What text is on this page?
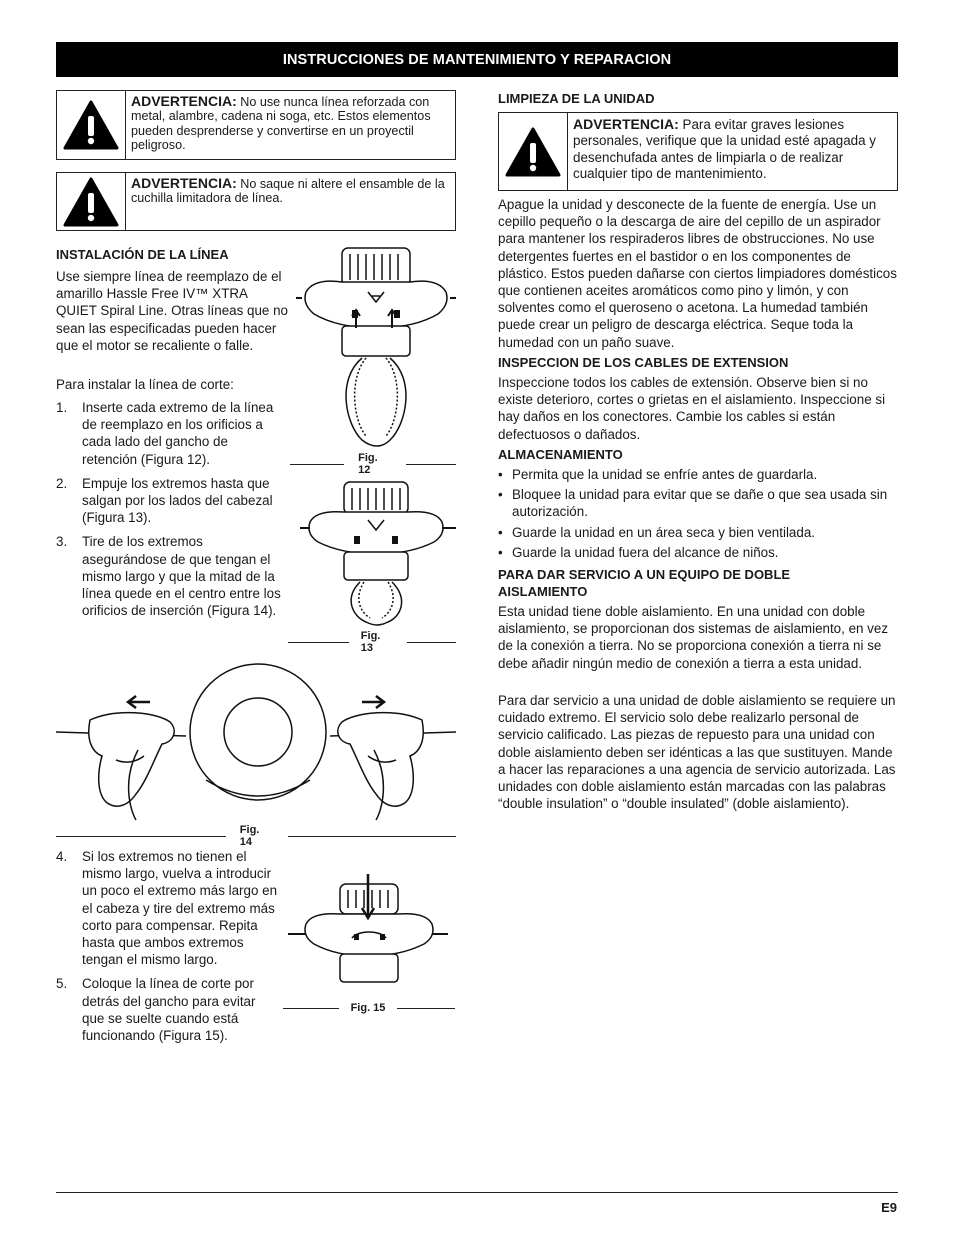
INSTRUCCIONES DE MANTENIMIENTO Y REPARACION
ADVERTENCIA: No use nunca línea reforzada con metal, alambre, cadena ni soga, etc. Estos elementos pueden desprenderse y convertirse en un proyectil peligroso.
ADVERTENCIA: No saque ni altere el ensamble de la cuchilla limitadora de línea.
INSTALACIÓN DE LA LÍNEA
Use siempre línea de reemplazo de el amarillo Hassle Free IV™ XTRA QUIET Spiral Line. Otras líneas que no sean las especificadas pueden hacer que el motor se recaliente o falle.
Para instalar la línea de corte:
1.	Inserte cada extremo de la línea de reemplazo en los orificios a cada lado del gancho de retención (Figura 12).
2.	Empuje los extremos hasta que salgan por los lados del cabezal (Figura 13).
3.	Tire de los extremos asegurándose de que tengan el mismo largo y que la mitad de la línea quede en el centro entre los orificios de inserción (Figura 14).
4.	Si los extremos no tienen el mismo largo, vuelva a introducir un poco el extremo más largo en el cabeza y tire del extremo más corto para compensar. Repita hasta que ambos extremos tengan el mismo largo.
5.	Coloque la línea de corte por detrás del gancho para evitar que se suelte cuando está funcionando (Figura 15).
Fig. 12
Fig. 13
Fig. 14
Fig. 15
LIMPIEZA DE LA UNIDAD
ADVERTENCIA: Para evitar graves lesiones personales, verifique que la unidad esté apagada y desenchufada antes de limpiarla o de realizar cualquier tipo de mantenimiento.
Apague la unidad y desconecte de la fuente de energía. Use un cepillo pequeño o la descarga de aire del cepillo de un aspirador para mantener los respiraderos libres de obstrucciones. No use detergentes fuertes en el bastidor o en los componentes de plástico. Estos pueden dañarse con ciertos limpiadores domésticos que contienen aceites aromáticos como pino y limón, y con solventes como el queroseno o acetona. La humedad también puede crear un peligro de descarga eléctrica. Seque toda la humedad con un paño suave.
INSPECCION DE LOS CABLES DE EXTENSION
Inspeccione todos los cables de extensión. Observe bien si no existe deterioro, cortes o grietas en el aislamiento. Inspeccione si hay daños en los conectores. Cambie los cables si están defectuosos o dañados.
ALMACENAMIENTO
• Permita que la unidad se enfríe antes de guardarla.
• Bloquee la unidad para evitar que se dañe o que sea usada sin autorización.
• Guarde la unidad en un área seca y bien ventilada.
• Guarde la unidad fuera del alcance de niños.
PARA DAR SERVICIO A UN EQUIPO DE DOBLE AISLAMIENTO
Esta unidad tiene doble aislamiento. En una unidad con doble aislamiento, se proporcionan dos sistemas de aislamiento, en vez de la conexión a tierra. No se proporciona conexión a tierra ni se debe añadir ningún medio de conexión a tierra a esta unidad.
Para dar servicio a una unidad de doble aislamiento se requiere un cuidado extremo. El servicio solo debe realizarlo personal de servicio calificado. Las piezas de repuesto para una unidad con doble aislamiento deben ser idénticas a las que sustituyen. Mande a hacer las reparaciones a una agencia de servicio autorizada. Las unidades con doble aislamiento están marcadas con las palabras “double insulation” o “double insulated” (doble aislamiento).
E9
